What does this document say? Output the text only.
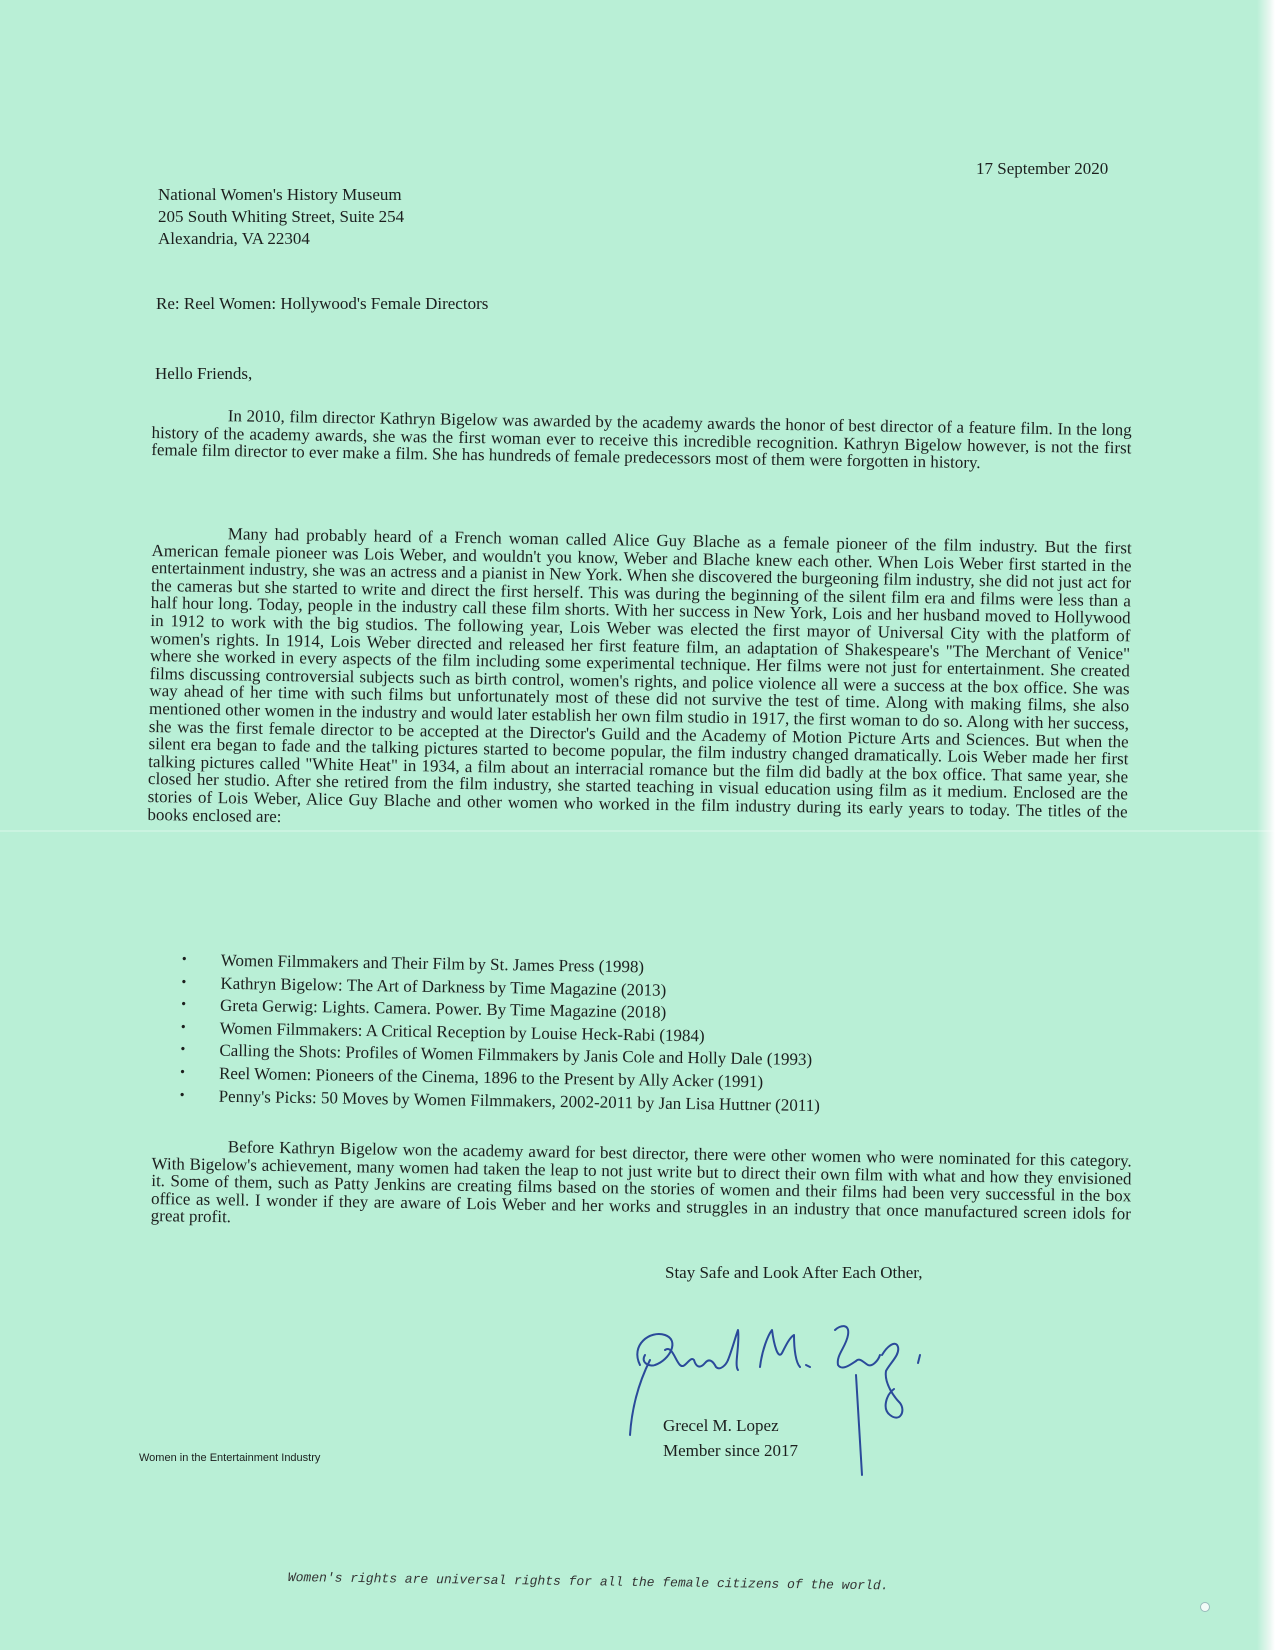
17 September 2020
National Women's History Museum
205 South Whiting Street, Suite 254
Alexandria, VA 22304
Re: Reel Women: Hollywood's Female Directors
Hello Friends,
In 2010, film director Kathryn Bigelow was awarded by the academy awards the honor of best director of a feature film. In the long history of the academy awards, she was the first woman ever to receive this incredible recognition. Kathryn Bigelow however, is not the first female film director to ever make a film. She has hundreds of female predecessors most of them were forgotten in history.
Many had probably heard of a French woman called Alice Guy Blache as a female pioneer of the film industry. But the first American female pioneer was Lois Weber, and wouldn't you know, Weber and Blache knew each other. When Lois Weber first started in the entertainment industry, she was an actress and a pianist in New York. When she discovered the burgeoning film industry, she did not just act for the cameras but she started to write and direct the first herself. This was during the beginning of the silent film era and films were less than a half hour long. Today, people in the industry call these film shorts. With her success in New York, Lois and her husband moved to Hollywood in 1912 to work with the big studios. The following year, Lois Weber was elected the first mayor of Universal City with the platform of women's rights. In 1914, Lois Weber directed and released her first feature film, an adaptation of Shakespeare's "The Merchant of Venice" where she worked in every aspects of the film including some experimental technique. Her films were not just for entertainment. She created films discussing controversial subjects such as birth control, women's rights, and police violence all were a success at the box office. She was way ahead of her time with such films but unfortunately most of these did not survive the test of time. Along with making films, she also mentioned other women in the industry and would later establish her own film studio in 1917, the first woman to do so. Along with her success, she was the first female director to be accepted at the Director's Guild and the Academy of Motion Picture Arts and Sciences. But when the silent era began to fade and the talking pictures started to become popular, the film industry changed dramatically. Lois Weber made her first talking pictures called "White Heat" in 1934, a film about an interracial romance but the film did badly at the box office. That same year, she closed her studio. After she retired from the film industry, she started teaching in visual education using film as it medium. Enclosed are the stories of Lois Weber, Alice Guy Blache and other women who worked in the film industry during its early years to today. The titles of the books enclosed are:
• Women Filmmakers and Their Film by St. James Press (1998)
• Kathryn Bigelow: The Art of Darkness by Time Magazine (2013)
• Greta Gerwig: Lights. Camera. Power. By Time Magazine (2018)
• Women Filmmakers: A Critical Reception by Louise Heck-Rabi (1984)
• Calling the Shots: Profiles of Women Filmmakers by Janis Cole and Holly Dale (1993)
• Reel Women: Pioneers of the Cinema, 1896 to the Present by Ally Acker (1991)
• Penny's Picks: 50 Moves by Women Filmmakers, 2002-2011 by Jan Lisa Huttner (2011)
Before Kathryn Bigelow won the academy award for best director, there were other women who were nominated for this category. With Bigelow's achievement, many women had taken the leap to not just write but to direct their own film with what and how they envisioned it. Some of them, such as Patty Jenkins are creating films based on the stories of women and their films had been very successful in the box office as well. I wonder if they are aware of Lois Weber and her works and struggles in an industry that once manufactured screen idols for great profit.
Stay Safe and Look After Each Other,
Grecel M. Lopez
Member since 2017
Women in the Entertainment Industry
Women's rights are universal rights for all the female citizens of the world.
